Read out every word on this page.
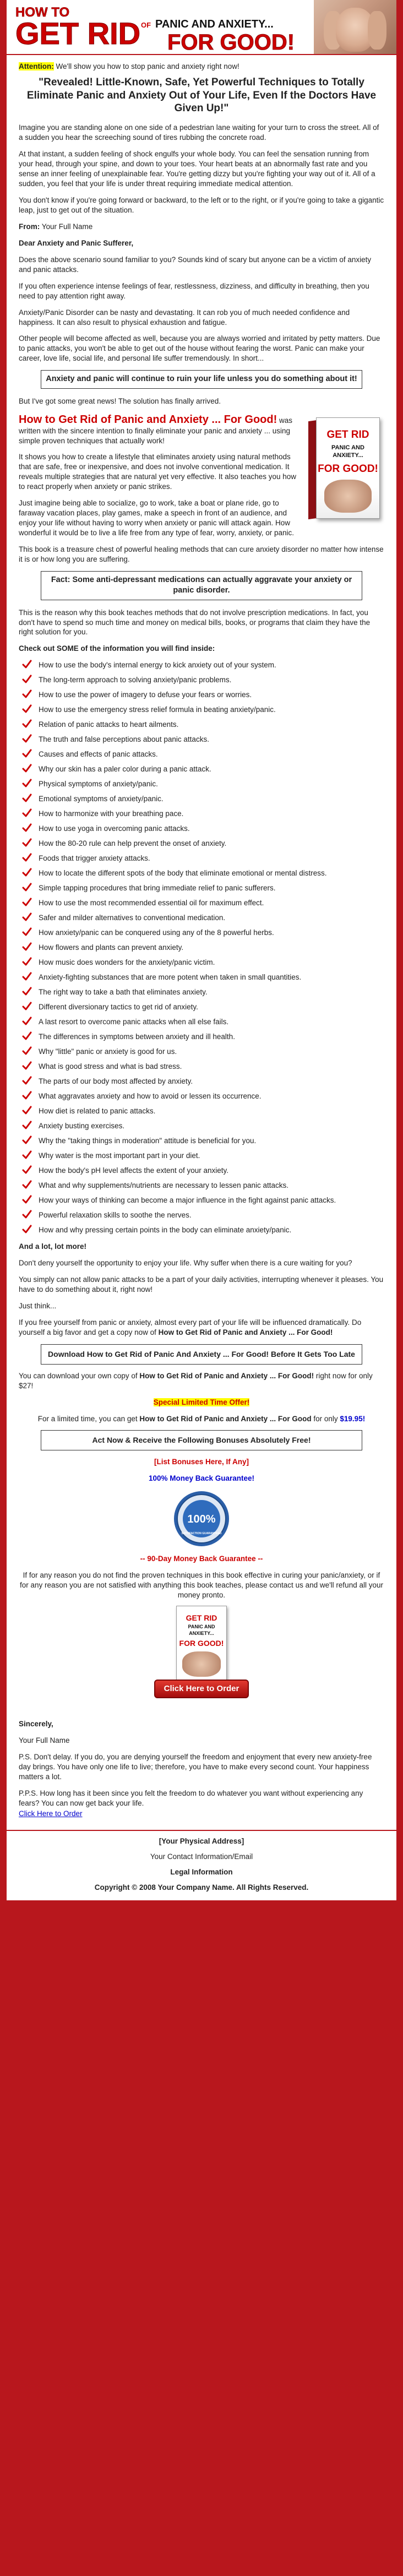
HOW TO
GET RID OF PANIC AND ANXIETY...
FOR GOOD!

Attention: We'll show you how to stop panic and anxiety right now!

"Revealed! Little-Known, Safe, Yet Powerful Techniques to Totally Eliminate Panic and Anxiety Out of Your Life, Even If the Doctors Have Given Up!"

Imagine you are standing alone on one side of a pedestrian lane waiting for your turn to cross the street. All of a sudden you hear the screeching sound of tires rubbing the concrete road.

At that instant, a sudden feeling of shock engulfs your whole body. You can feel the sensation running from your head, through your spine, and down to your toes. Your heart beats at an abnormally fast rate and you sense an inner feeling of unexplainable fear. You're getting dizzy but you're fighting your way out of it. All of a sudden, you feel that your life is under threat requiring immediate medical attention.

You don't know if you're going forward or backward, to the left or to the right, or if you're going to take a gigantic leap, just to get out of the situation.

From: Your Full Name

Dear Anxiety and Panic Sufferer,

Does the above scenario sound familiar to you? Sounds kind of scary but anyone can be a victim of anxiety and panic attacks.

If you often experience intense feelings of fear, restlessness, dizziness, and difficulty in breathing, then you need to pay attention right away.

Anxiety/Panic Disorder can be nasty and devastating. It can rob you of much needed confidence and happiness. It can also result to physical exhaustion and fatigue.

Other people will become affected as well, because you are always worried and irritated by petty matters. Due to panic attacks, you won't be able to get out of the house without fearing the worst. Panic can make your career, love life, social life, and personal life suffer tremendously. In short...

Anxiety and panic will continue to ruin your life unless you do something about it!

But I've got some great news! The solution has finally arrived.

GET RID
PANIC AND ANXIETY...
FOR GOOD!

How to Get Rid of Panic and Anxiety ... For Good! was written with the sincere intention to finally eliminate your panic and anxiety ... using simple proven techniques that actually work!

It shows you how to create a lifestyle that eliminates anxiety using natural methods that are safe, free or inexpensive, and does not involve conventional medication. It reveals multiple strategies that are natural yet very effective. It also teaches you how to react properly when anxiety or panic strikes.

Just imagine being able to socialize, go to work, take a boat or plane ride, go to faraway vacation places, play games, make a speech in front of an audience, and enjoy your life without having to worry when anxiety or panic will attack again. How wonderful it would be to live a life free from any type of fear, worry, anxiety, or panic.

This book is a treasure chest of powerful healing methods that can cure anxiety disorder no matter how intense it is or how long you are suffering.

Fact: Some anti-depressant medications can actually aggravate your anxiety or panic disorder.

This is the reason why this book teaches methods that do not involve prescription medications. In fact, you don't have to spend so much time and money on medical bills, books, or programs that claim they have the right solution for you.

Check out SOME of the information you will find inside:

How to use the body's internal energy to kick anxiety out of your system.
The long-term approach to solving anxiety/panic problems.
How to use the power of imagery to defuse your fears or worries.
How to use the emergency stress relief formula in beating anxiety/panic.
Relation of panic attacks to heart ailments.
The truth and false perceptions about panic attacks.
Causes and effects of panic attacks.
Why our skin has a paler color during a panic attack.
Physical symptoms of anxiety/panic.
Emotional symptoms of anxiety/panic.
How to harmonize with your breathing pace.
How to use yoga in overcoming panic attacks.
How the 80-20 rule can help prevent the onset of anxiety.
Foods that trigger anxiety attacks.
How to locate the different spots of the body that eliminate emotional or mental distress.
Simple tapping procedures that bring immediate relief to panic sufferers.
How to use the most recommended essential oil for maximum effect.
Safer and milder alternatives to conventional medication.
How anxiety/panic can be conquered using any of the 8 powerful herbs.
How flowers and plants can prevent anxiety.
How music does wonders for the anxiety/panic victim.
Anxiety-fighting substances that are more potent when taken in small quantities.
The right way to take a bath that eliminates anxiety.
Different diversionary tactics to get rid of anxiety.
A last resort to overcome panic attacks when all else fails.
The differences in symptoms between anxiety and ill health.
Why "little" panic or anxiety is good for us.
What is good stress and what is bad stress.
The parts of our body most affected by anxiety.
What aggravates anxiety and how to avoid or lessen its occurrence.
How diet is related to panic attacks.
Anxiety busting exercises.
Why the "taking things in moderation" attitude is beneficial for you.
Why water is the most important part in your diet.
How the body's pH level affects the extent of your anxiety.
What and why supplements/nutrients are necessary to lessen panic attacks.
How your ways of thinking can become a major influence in the fight against panic attacks.
Powerful relaxation skills to soothe the nerves.
How and why pressing certain points in the body can eliminate anxiety/panic.

And a lot, lot more!

Don't deny yourself the opportunity to enjoy your life. Why suffer when there is a cure waiting for you?

You simply can not allow panic attacks to be a part of your daily activities, interrupting whenever it pleases. You have to do something about it, right now!

Just think...

If you free yourself from panic or anxiety, almost every part of your life will be influenced dramatically. Do yourself a big favor and get a copy now of How to Get Rid of Panic and Anxiety ... For Good!

Download How to Get Rid of Panic And Anxiety ... For Good! Before It Gets Too Late

You can download your own copy of How to Get Rid of Panic and Anxiety ... For Good! right now for only $27!

Special Limited Time Offer!

For a limited time, you can get How to Get Rid of Panic and Anxiety ... For Good for only $19.95!

Act Now & Receive the Following Bonuses Absolutely Free!

[List Bonuses Here, If Any]

100% Money Back Guarantee!

100%
SATISFACTION GUARANTEED

-- 90-Day Money Back Guarantee --

If for any reason you do not find the proven techniques in this book effective in curing your panic/anxiety, or if for any reason you are not satisfied with anything this book teaches, please contact us and we'll refund all your money pronto.

GET RID
PANIC AND ANXIETY...
FOR GOOD!
Click Here to Order Now!

Sincerely,

Your Full Name

P.S. Don't delay. If you do, you are denying yourself the freedom and enjoyment that every new anxiety-free day brings. You have only one life to live; therefore, you have to make every second count. Your happiness matters a lot.

P.P.S. How long has it been since you felt the freedom to do whatever you want without experiencing any fears? You can now get back your life.

Click Here to Order

[Your Physical Address]
Your Contact Information/Email
Legal Information
Copyright © 2008 Your Company Name. All Rights Reserved.
